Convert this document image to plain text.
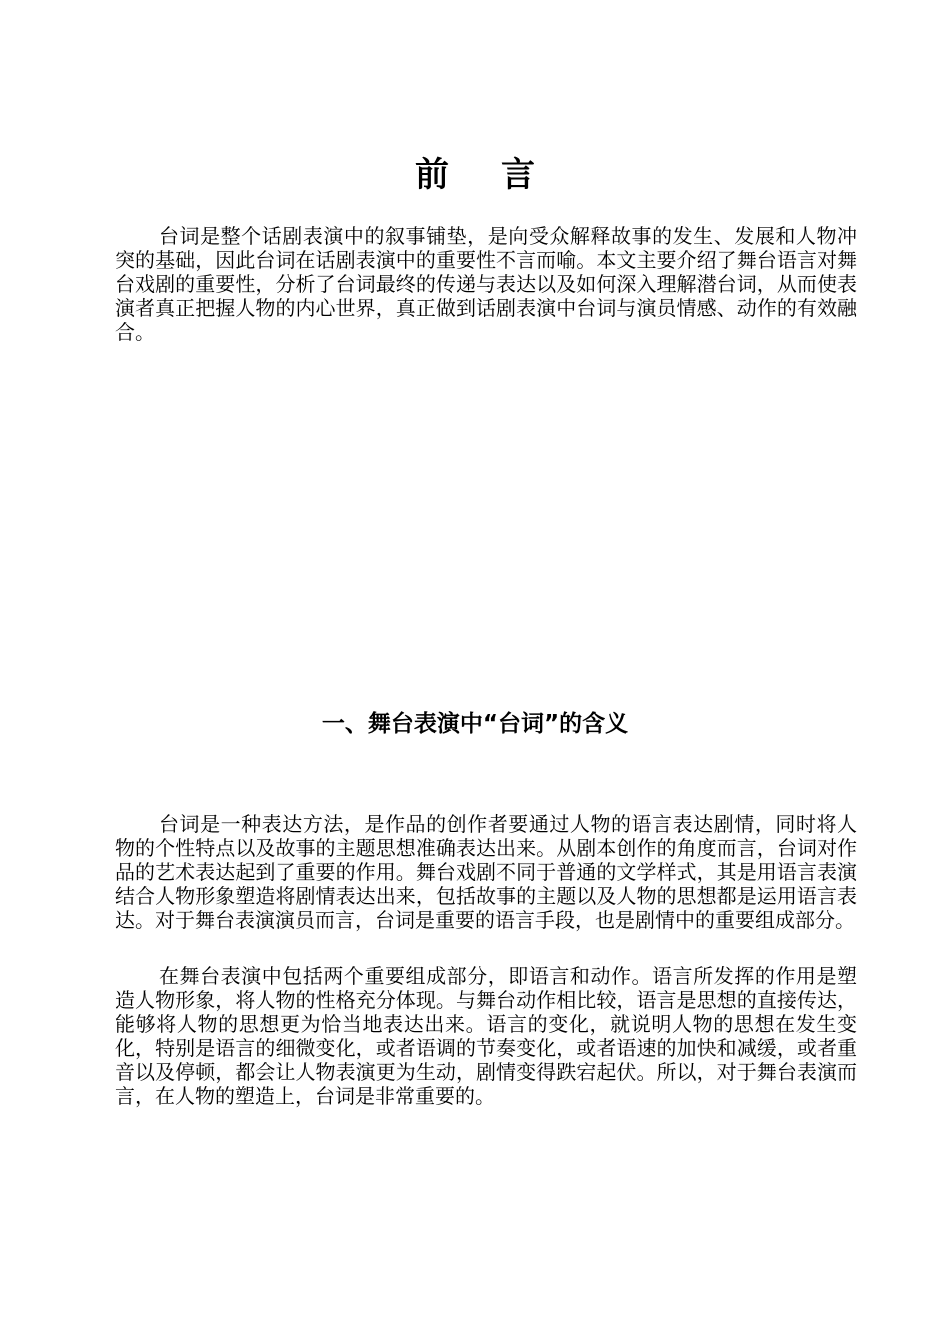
前言

台词是整个话剧表演中的叙事铺垫，是向受众解释故事的发生、发展和人物冲突的基础，因此台词在话剧表演中的重要性不言而喻。本文主要介绍了舞台语言对舞台戏剧的重要性，分析了台词最终的传递与表达以及如何深入理解潜台词，从而使表演者真正把握人物的内心世界，真正做到话剧表演中台词与演员情感、动作的有效融合。

一、舞台表演中“台词”的含义

台词是一种表达方法，是作品的创作者要通过人物的语言表达剧情，同时将人物的个性特点以及故事的主题思想准确表达出来。从剧本创作的角度而言，台词对作品的艺术表达起到了重要的作用。舞台戏剧不同于普通的文学样式，其是用语言表演结合人物形象塑造将剧情表达出来，包括故事的主题以及人物的思想都是运用语言表达。对于舞台表演演员而言，台词是重要的语言手段，也是剧情中的重要组成部分。

在舞台表演中包括两个重要组成部分，即语言和动作。语言所发挥的作用是塑造人物形象，将人物的性格充分体现。与舞台动作相比较，语言是思想的直接传达，能够将人物的思想更为恰当地表达出来。语言的变化，就说明人物的思想在发生变化，特别是语言的细微变化，或者语调的节奏变化，或者语速的加快和减缓，或者重音以及停顿，都会让人物表演更为生动，剧情变得跌宕起伏。所以，对于舞台表演而言，在人物的塑造上，台词是非常重要的。
